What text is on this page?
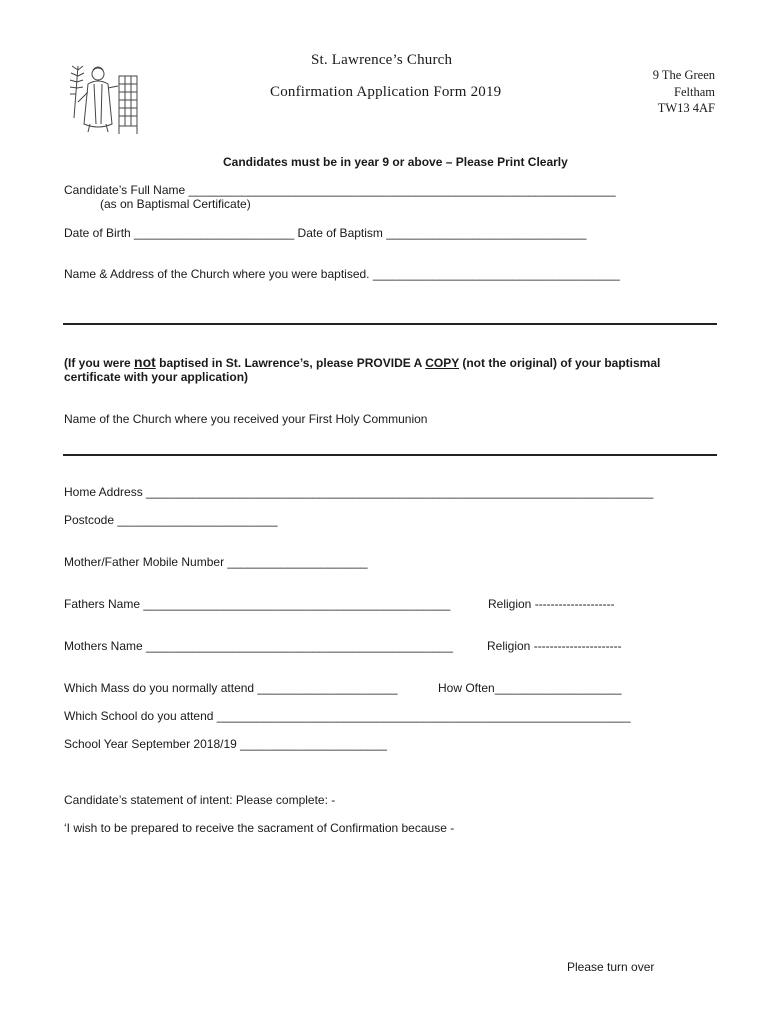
St. Lawrence’s Church
Confirmation Application Form 2019
9 The Green
Feltham
TW13 4AF
Candidates must be in year 9 or above – Please Print Clearly
Candidate’s Full Name ________________________________________________________________
(as on Baptismal Certificate)
Date of Birth ________________________ Date of Baptism ______________________________
Name & Address of the Church where you were baptised. _____________________________________
(If you were not baptised in St. Lawrence’s, please PROVIDE A COPY (not the original) of your baptismal
certificate with your application)
Name of the Church where you received your First Holy Communion
Home Address ____________________________________________________________________________
Postcode ________________________
Mother/Father Mobile Number _____________________
Fathers Name ______________________________________________	Religion --------------------
Mothers Name ______________________________________________	Religion ----------------------
Which Mass do you normally attend _____________________	How Often___________________
Which School do you attend ______________________________________________________________
School Year September 2018/19 ______________________
Candidate’s statement of intent: Please complete: -
‘I wish to be prepared to receive the sacrament of Confirmation because -
Please turn over
